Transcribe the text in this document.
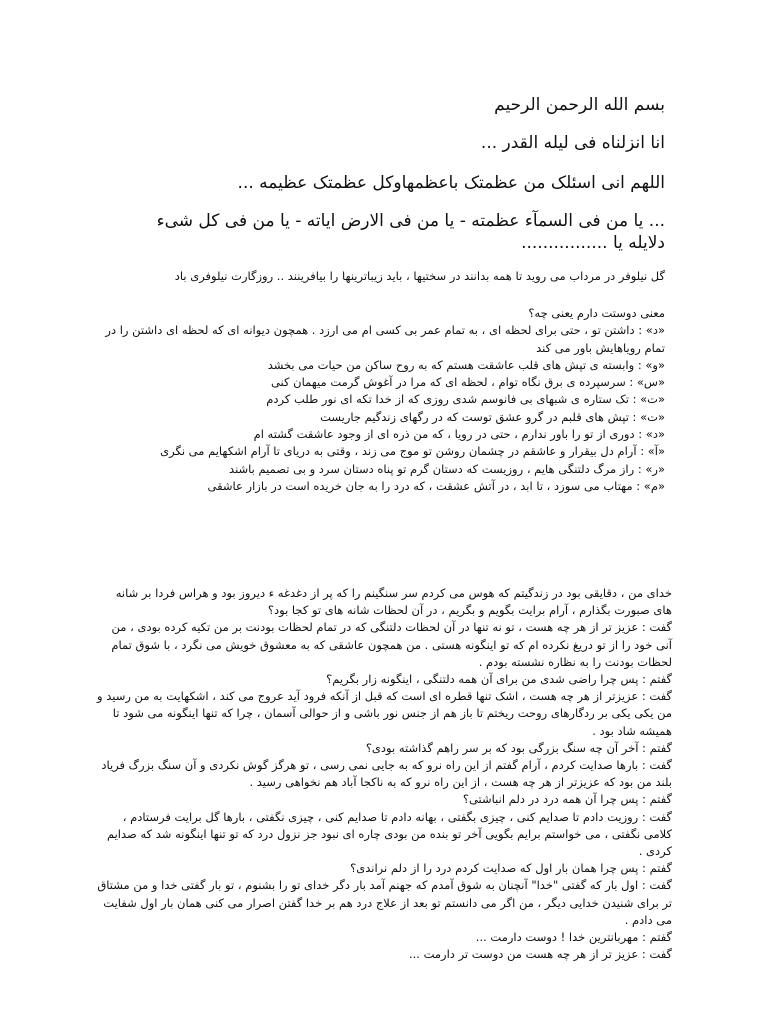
بسم الله الرحمن الرحیم

انا انزلناه فی لیله القدر ...

اللهم انی اسئلک من عظمتک باعظمهاوکل عظمتک عظیمه ...

... یا من فی السمآء عظمته - یا من فی الارض ایاته - یا من فی کل شیء دلایله یا ................

گل نیلوفر در مرداب می روید تا همه بدانند در سختیها ، باید زیباترینها را بیافرینند .. روزگارت نیلوفری باد

معنی دوستت دارم یعنی چه؟

«د» : داشتن تو ، حتی برای لحظه ای ، به تمام عمر بی کسی ام می ارزد . همچون دیوانه ای که لحظه ای داشتن را در تمام رویاهایش باور می کند

«و» : وابسته ی تپش های قلب عاشقت هستم که به روح ساکن من حیات می بخشد

«س» : سرسپرده ی برق نگاه توام ، لحظه ای که مرا در آغوش گرمت میهمان کنی

«ت» : تک ستاره ی شبهای بی فانوسم شدی روزی که از خدا تکه ای نور طلب کردم

«ت» : تپش های قلبم در گرو عشق توست که در رگهای زندگیم جاریست

«د» : دوری از تو را باور ندارم ، حتی در رویا ، که من ذره ای از وجود عاشقت گشته ام

«آ» : آرام دل بیقرار و عاشقم در چشمان روشن تو موج می زند ، وقتی به دریای تا آرام اشکهایم می نگری

«ر» : راز مرگ دلتنگی هایم ، روزیست که دستان گرم تو پناه دستان سرد و بی تصمیم باشند

«م» : مهتاب می سوزد ، تا ابد ، در آتش عشقت ، که درد را به جان خریده است در بازار عاشقی

خدای من ، دقایقی بود در زندگیتم که هوس می کردم سر سنگینم را که پر از دغدغه ء دیروز بود و هراس فردا بر شانه های صبورت بگذارم ، آرام برایت بگویم و بگریم ، در آن لحظات شانه های تو کجا بود؟

گفت : عزیز تر از هر چه هست ، تو نه تنها در آن لحظات دلتنگی که در تمام لحظات بودنت بر من تکیه کرده بودی ، من آنی خود را از تو دریغ نکرده ام که تو اینگونه هستی . من همچون عاشقی که به معشوق خویش می نگرد ، با شوق تمام لحظات بودنت را به نظاره نشسته بودم .

گفتم : پس چرا راضی شدی من برای آن همه دلتنگی ، اینگونه زار بگریم؟

گفت : عزیزتر از هر چه هست ، اشک تنها قطره ای است که قبل از آنکه فرود آید عروج می کند ، اشکهایت به من رسید و من یکی یکی بر ردگارهای روحت ریختم تا باز هم از جنس نور باشی و از حوالی آسمان ، چرا که تنها اینگونه می شود تا همیشه شاد بود .

گفتم : آخر آن چه سنگ بزرگی بود که بر سر راهم گذاشته بودی؟

گفت : بارها صدایت کردم ، آرام گفتم از این راه نرو که به جایی نمی رسی ، تو هرگز گوش نکردی و آن سنگ بزرگ فریاد بلند من بود که عزیزتر از هر چه هست ، از این راه نرو که به ناکجا آباد هم نخواهی رسید .

گفتم : پس چرا آن همه درد در دلم انباشتی؟

گفت : روزیت دادم تا صدایم کنی ، چیزی بگفتی ، بهانه دادم تا صدایم کنی ، چیزی نگفتی ، بارها گل برایت فرستادم ، کلامی نگفتی ، می خواستم برایم بگویی آخر تو بنده من بودی چاره ای نبود جز نزول درد که تو تنها اینگونه شد که صدایم کردی .

گفتم : پس چرا همان بار اول که صدایت کردم درد را از دلم نراندی؟

گفت : اول بار که گفتی "خدا" آنچنان به شوق آمدم که جهنم آمد بار دگر خدای تو را بشنوم ، تو بار گفتی خدا و من مشتاق تر برای شنیدن خدایی دیگر ، من اگر می دانستم تو بعد از علاج درد هم بر خدا گفتن اصرار می کنی همان بار اول شفایت می دادم .

گفتم : مهربانترین خدا ! دوست دارمت ...

گفت : عزیز تر از هر چه هست من دوست تر دارمت ...
